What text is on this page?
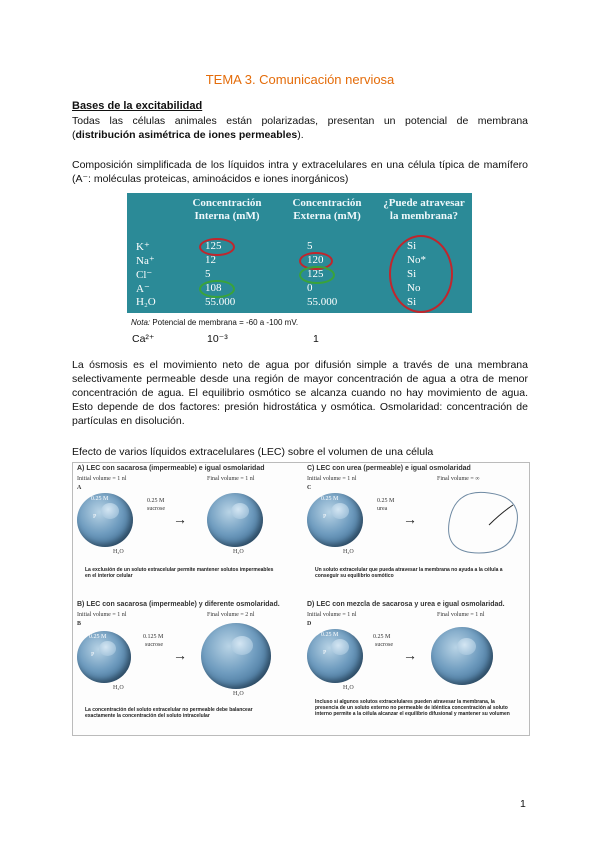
TEMA 3. Comunicación nerviosa
Bases de la excitabilidad
Todas las células animales están polarizadas, presentan un potencial de membrana (distribución asimétrica de iones permeables).
Composición simplificada de los líquidos intra y extracelulares en una célula típica de mamífero (A⁻: moléculas proteicas, aminoácidos e iones inorgánicos)
Concentración Interna (mM)
Concentración Externa (mM)
¿Puede atravesar la membrana?
K⁺	125	5	Si
Na⁺	12	120	No*
Cl⁻	5	125	Si
A⁻	108	0	No
H₂O	55.000	55.000	Si
Nota: Potencial de membrana = -60 a -100 mV.
Ca²⁺	10⁻³	1
La ósmosis es el movimiento neto de agua por difusión simple a través de una membrana selectivamente permeable desde una región de mayor concentración de agua a otra de menor concentración de agua. El equilibrio osmótico se alcanza cuando no hay movimiento de agua. Esto depende de dos factores: presión hidrostática y osmótica. Osmolaridad: concentración de partículas en disolución.
Efecto de varios líquidos extracelulares (LEC) sobre el volumen de una célula
A) LEC con sacarosa (impermeable) e igual osmolaridad
Initial volume = 1 nl	Final volume = 1 nl
A
0.25 M
P
0.25 M
sucrose
→
H₂O	H₂O
La exclusión de un soluto extracelular permite mantener solutos impermeables en el interior celular
C) LEC con urea (permeable) e igual osmolaridad
Initial volume = 1 nl	Final volume = ∞
C
0.25 M
P
0.25 M
urea
→
H₂O
Un soluto extracelular que pueda atravesar la membrana no ayuda a la célula a conseguir su equilibrio osmótico
B) LEC con sacarosa (impermeable) y diferente osmolaridad.
Initial volume = 1 nl	Final volume = 2 nl
B
0.25 M
P
0.125 M
sucrose
→
H₂O
H₂O
La concentración del soluto extracelular no permeable debe balancear exactamente la concentración del soluto intracelular
D) LEC con mezcla de sacarosa y urea e igual osmolaridad.
Initial volume = 1 nl	Final volume = 1 nl
D
0.25 M
P
0.25 M
sucrose
→
H₂O
Incluso si algunos solutos extracelulares pueden atravesar la membrana, la presencia de un soluto externo no permeable de idéntica concentración al soluto interno permite a la célula alcanzar el equilibrio difusional y mantener su volumen
1
